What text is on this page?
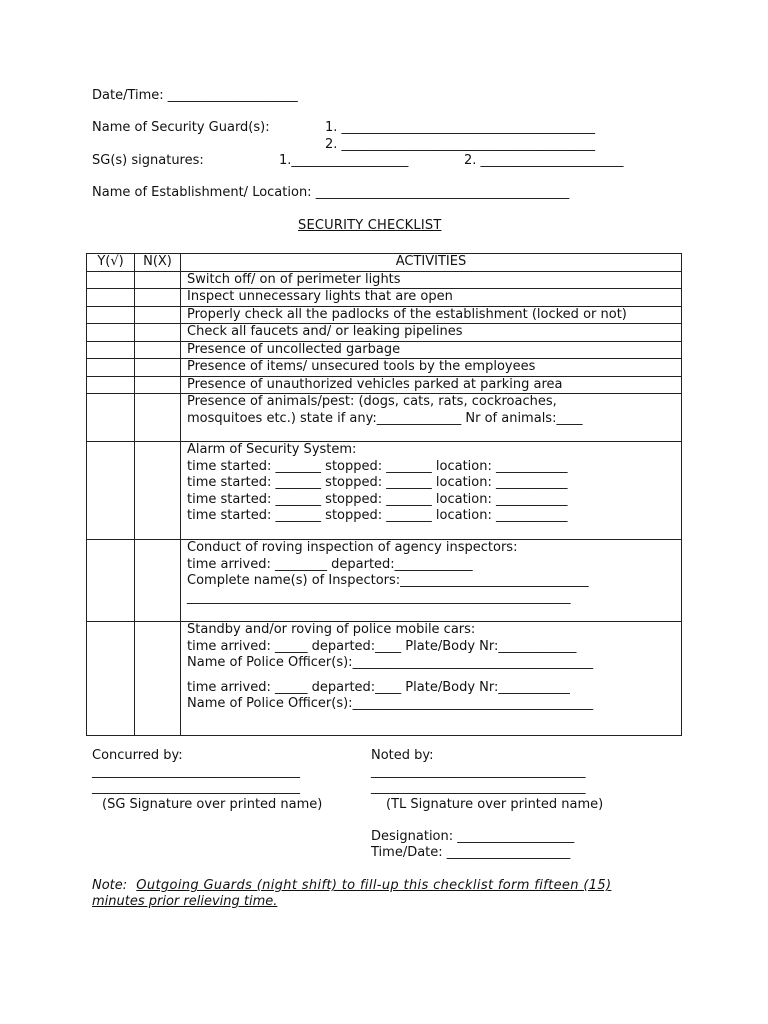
Date/Time: ____________________
Name of Security Guard(s):	1. _______________________________________
2. _______________________________________
SG(s) signatures:	1.__________________	2. ______________________
Name of Establishment/ Location: _______________________________________
SECURITY CHECKLIST
Y(√)	N(X)	ACTIVITIES
		Switch off/ on of perimeter lights
		Inspect unnecessary lights that are open
		Properly check all the padlocks of the establishment (locked or not)
		Check all faucets and/ or leaking pipelines
		Presence of uncollected garbage
		Presence of items/ unsecured tools by the employees
		Presence of unauthorized vehicles parked at parking area

		Presence of animals/pest: (dogs, cats, rats, cockroaches,
mosquitoes etc.) state if any:_____________ Nr of animals:____

		Alarm of Security System:
time started: _______ stopped: _______ location: ___________
time started: _______ stopped: _______ location: ___________
time started: _______ stopped: _______ location: ___________
time started: _______ stopped: _______ location: ___________

		Conduct of roving inspection of agency inspectors:
time arrived: ________ departed:____________
Complete name(s) of Inspectors:_____________________________
___________________________________________________________

		Standby and/or roving of police mobile cars:
time arrived: _____ departed:____ Plate/Body Nr:____________
Name of Police Officer(s):_____________________________________
time arrived: _____ departed:____ Plate/Body Nr:___________
Name of Police Officer(s):_____________________________________
Concurred by:	Noted by:
________________________________	_________________________________
________________________________	_________________________________
(SG Signature over printed name)	(TL Signature over printed name)
Designation: __________________
Time/Date: ___________________
Note: Outgoing Guards (night shift) to fill-up this checklist form fifteen (15)
minutes prior relieving time.
